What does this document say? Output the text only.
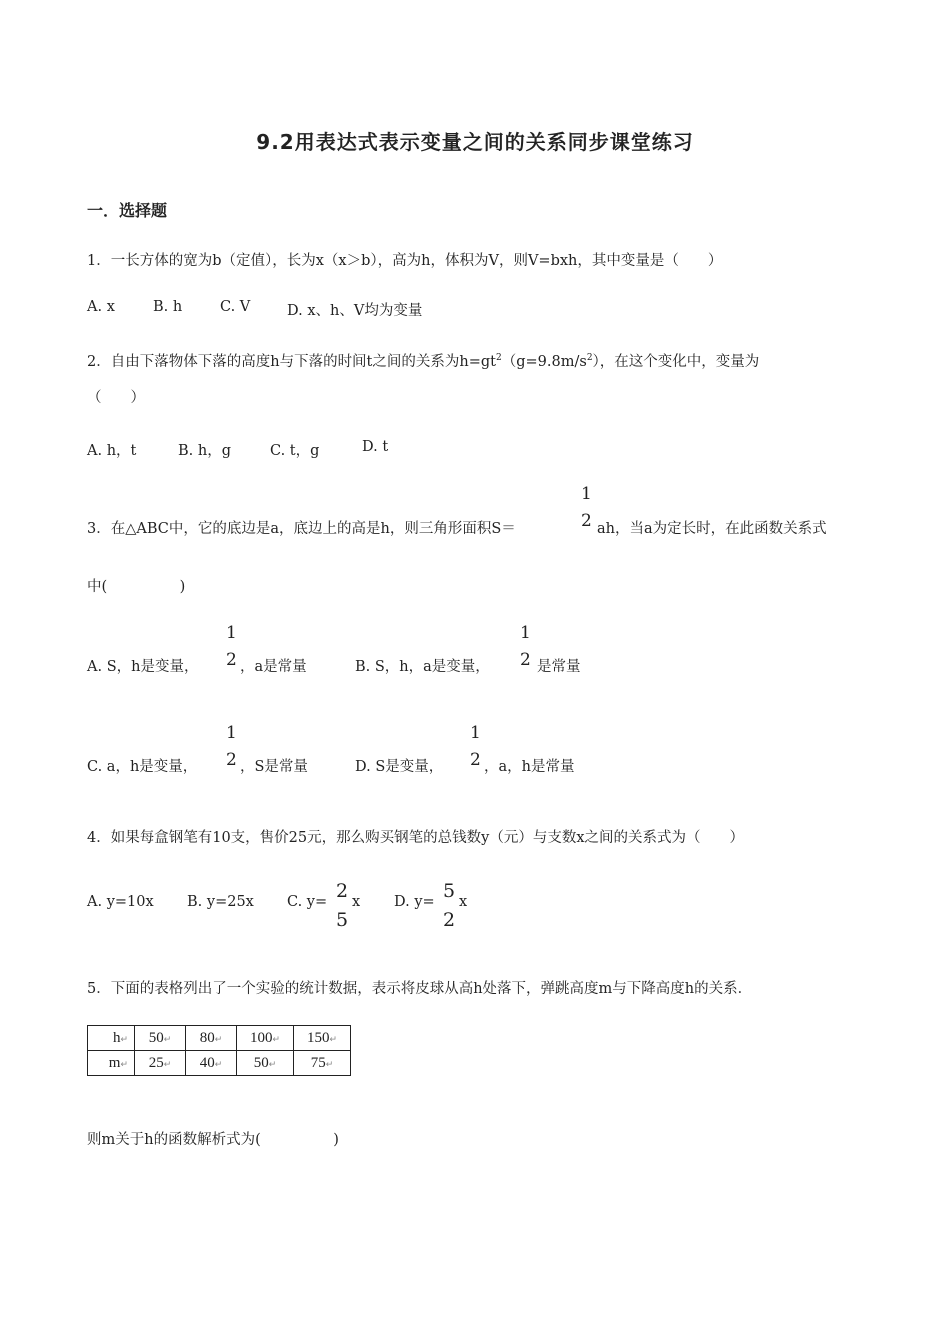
9.2用表达式表示变量之间的关系同步课堂练习
一．选择题
1．一长方体的宽为b（定值），长为x（x＞b），高为h，体积为V，则V=bxh，其中变量是（　　）
A. x	B. h	C. V	D. x、h、V均为变量
2．自由下落物体下落的高度h与下落的时间t之间的关系为$h=gt^2(g=9.8m/s^2)$，在这个变化中，变量为
（　　）
A. h，t	B. h，g	C. t，g	D. t
3．在△ABC中，它的底边是a，底边上的高是h，则三角形面积S＝
1
2 ah，当a为定长时，在此函数关系式
中(　　　　　)
A. S，h是变量，
1
2 ，a是常量	B. S，h，a是变量，
1
2 是常量
C. a，h是变量，
1
2 ，S是常量	D. S是变量，
1
2 ，a，h是常量
4．如果每盒钢笔有10支，售价25元，那么购买钢笔的总钱数y（元）与支数x之间的关系式为（　　）
A. y=10x B. y=25x C. y= 2
5
x D. y= 5
2
x
5．下面的表格列出了一个实验的统计数据，表示将皮球从高h处落下，弹跳高度m与下降高度h的关系．
h↵	50↵	80↵	100↵	150↵
m↵	25↵	40↵	50↵	75↵
则m关于h的函数解析式为(　　　　　)
